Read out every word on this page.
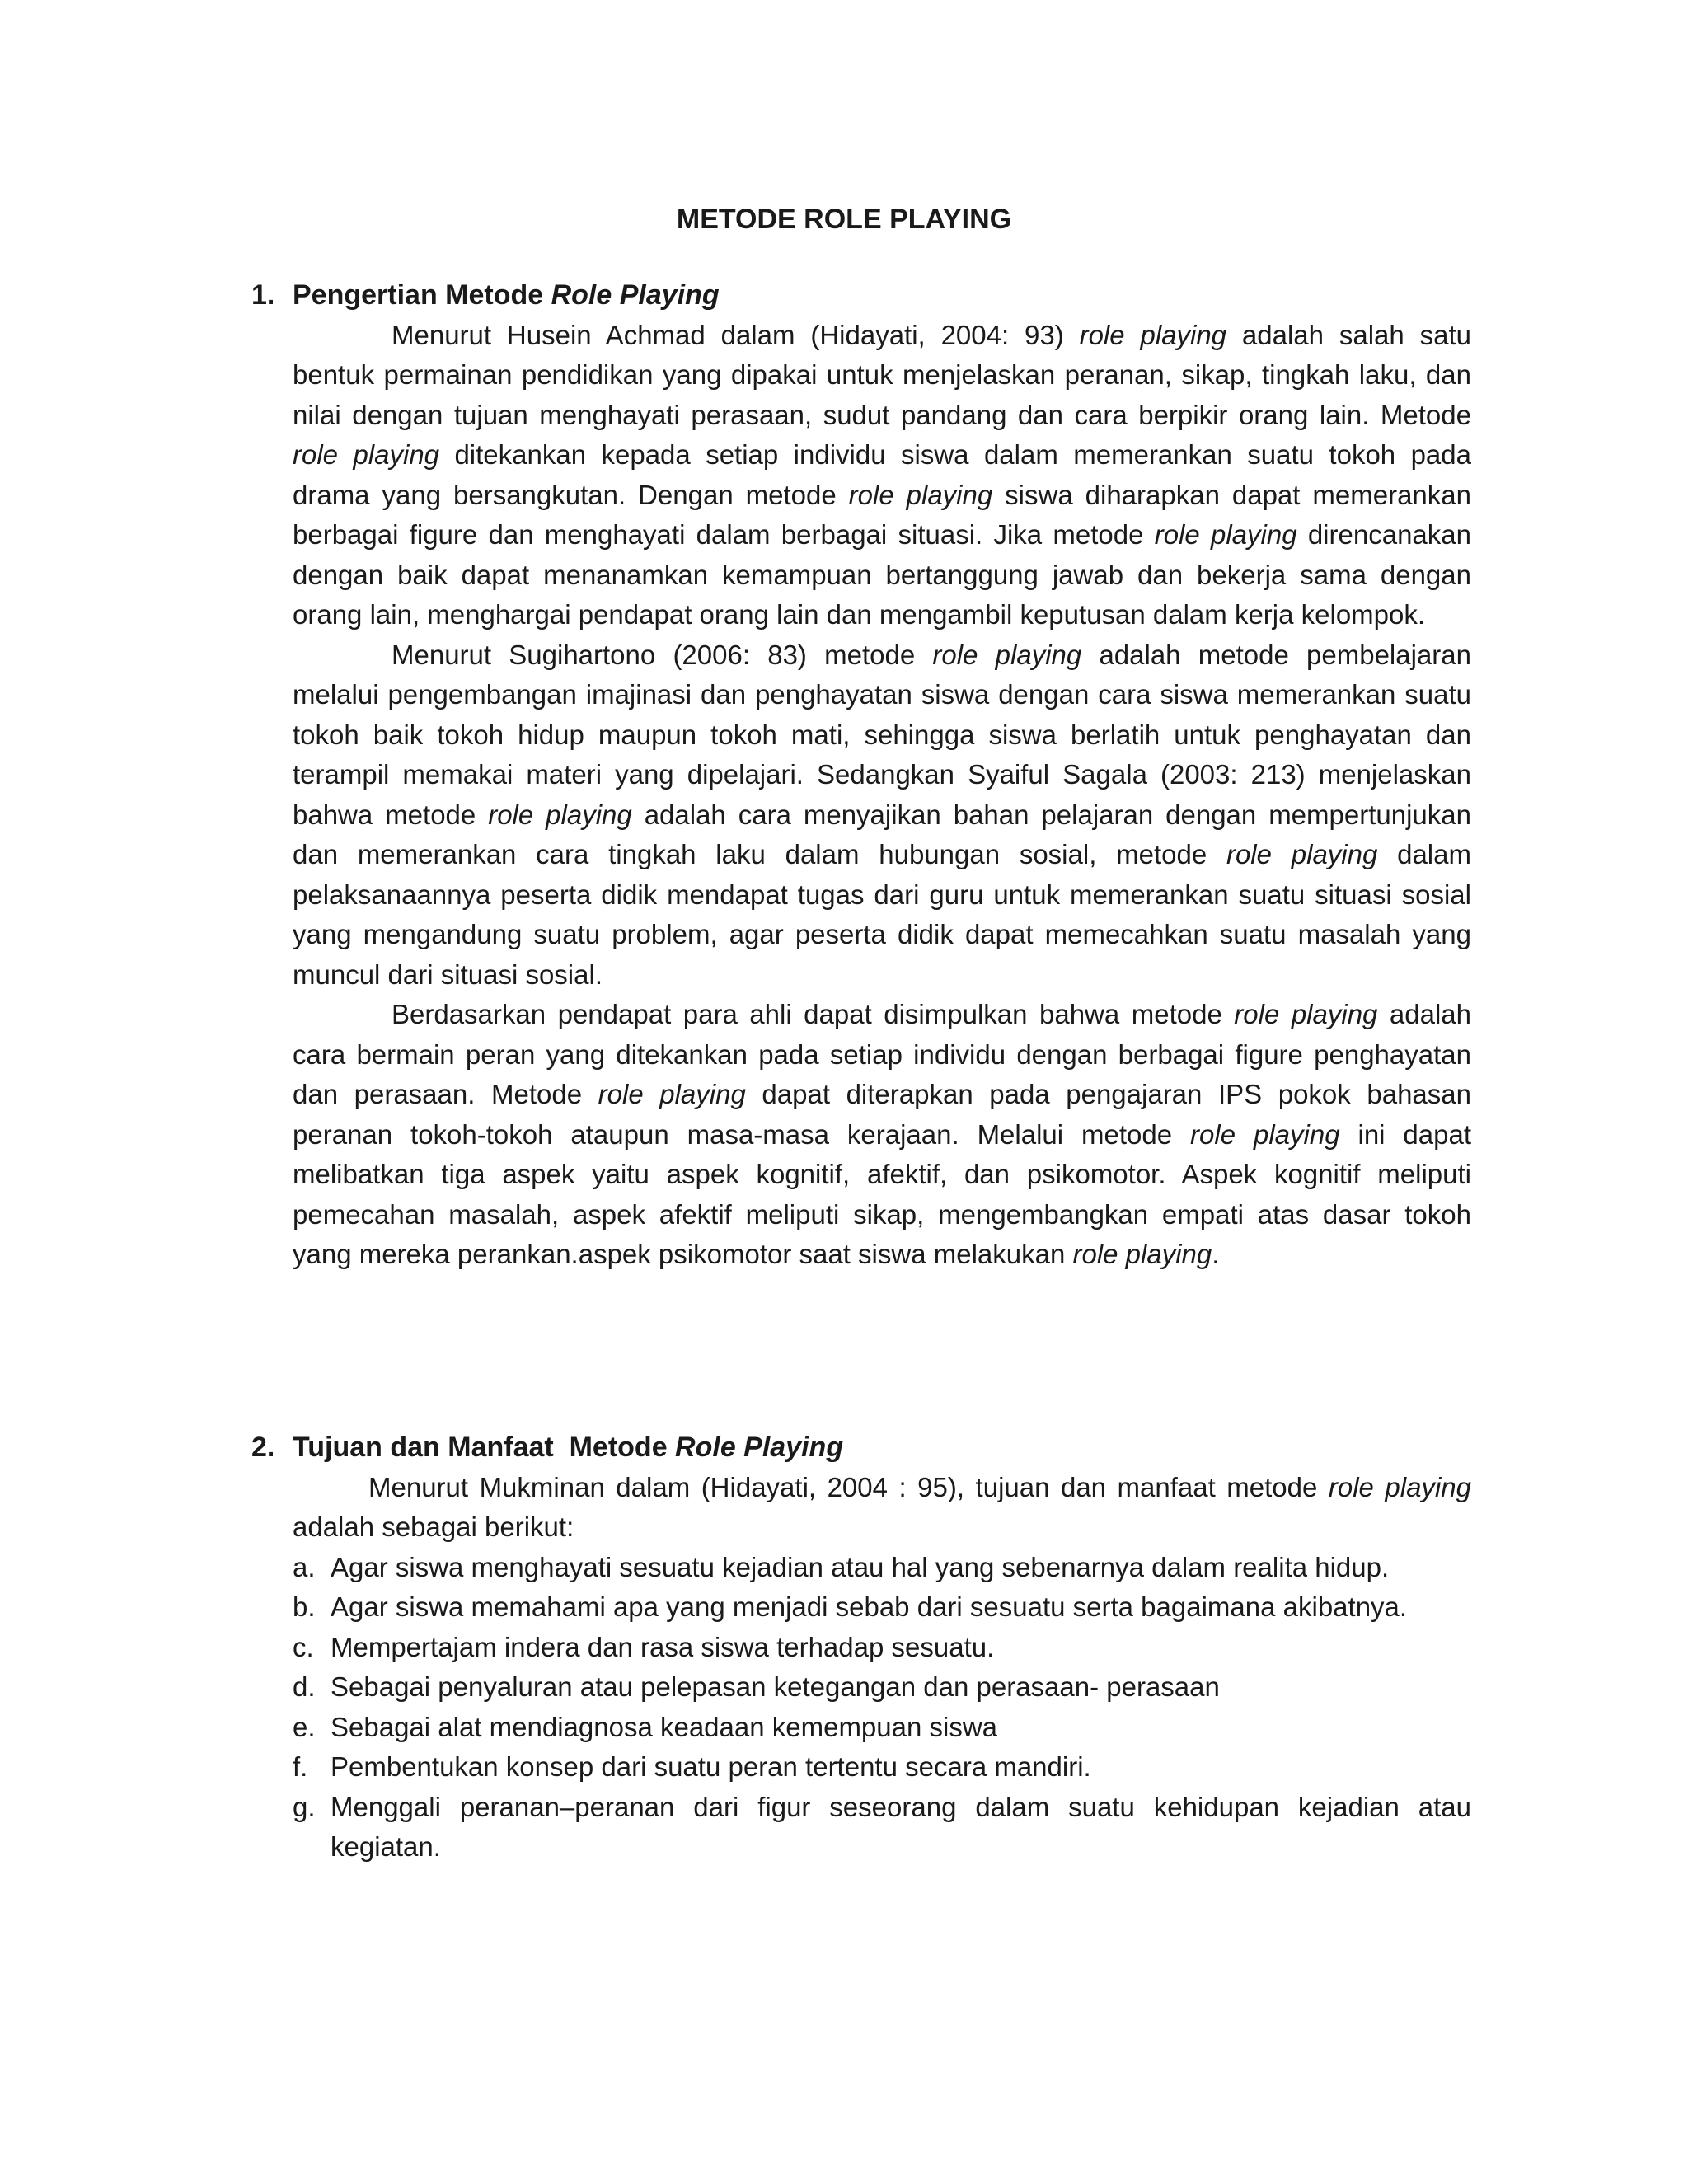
METODE ROLE PLAYING
1. Pengertian Metode Role Playing

Menurut Husein Achmad dalam (Hidayati, 2004: 93) role playing adalah salah satu bentuk permainan pendidikan yang dipakai untuk menjelaskan peranan, sikap, tingkah laku, dan nilai dengan tujuan menghayati perasaan, sudut pandang dan cara berpikir orang lain. Metode role playing ditekankan kepada setiap individu siswa dalam memerankan suatu tokoh pada drama yang bersangkutan. Dengan metode role playing siswa diharapkan dapat memerankan berbagai figure dan menghayati dalam berbagai situasi. Jika metode role playing direncanakan dengan baik dapat menanamkan kemampuan bertanggung jawab dan bekerja sama dengan orang lain, menghargai pendapat orang lain dan mengambil keputusan dalam kerja kelompok.

Menurut Sugihartono (2006: 83) metode role playing adalah metode pembelajaran melalui pengembangan imajinasi dan penghayatan siswa dengan cara siswa memerankan suatu tokoh baik tokoh hidup maupun tokoh mati, sehingga siswa berlatih untuk penghayatan dan terampil memakai materi yang dipelajari. Sedangkan Syaiful Sagala (2003: 213) menjelaskan bahwa metode role playing adalah cara menyajikan bahan pelajaran dengan mempertunjukan dan memerankan cara tingkah laku dalam hubungan sosial, metode role playing dalam pelaksanaannya peserta didik mendapat tugas dari guru untuk memerankan suatu situasi sosial yang mengandung suatu problem, agar peserta didik dapat memecahkan suatu masalah yang muncul dari situasi sosial.

Berdasarkan pendapat para ahli dapat disimpulkan bahwa metode role playing adalah cara bermain peran yang ditekankan pada setiap individu dengan berbagai figure penghayatan dan perasaan. Metode role playing dapat diterapkan pada pengajaran IPS pokok bahasan peranan tokoh-tokoh ataupun masa-masa kerajaan. Melalui metode role playing ini dapat melibatkan tiga aspek yaitu aspek kognitif, afektif, dan psikomotor. Aspek kognitif meliputi pemecahan masalah, aspek afektif meliputi sikap, mengembangkan empati atas dasar tokoh yang mereka perankan.aspek psikomotor saat siswa melakukan role playing.

2. Tujuan dan Manfaat  Metode Role Playing

Menurut Mukminan dalam (Hidayati, 2004 : 95), tujuan dan manfaat metode role playing adalah sebagai berikut:

a. Agar siswa menghayati sesuatu kejadian atau hal yang sebenarnya dalam realita hidup.
b. Agar siswa memahami apa yang menjadi sebab dari sesuatu serta bagaimana akibatnya.
c. Mempertajam indera dan rasa siswa terhadap sesuatu.
d. Sebagai penyaluran atau pelepasan ketegangan dan perasaan- perasaan
e. Sebagai alat mendiagnosa keadaan kemempuan siswa
f. Pembentukan konsep dari suatu peran tertentu secara mandiri.
g. Menggali peranan–peranan dari figur seseorang dalam suatu kehidupan kejadian atau kegiatan.
